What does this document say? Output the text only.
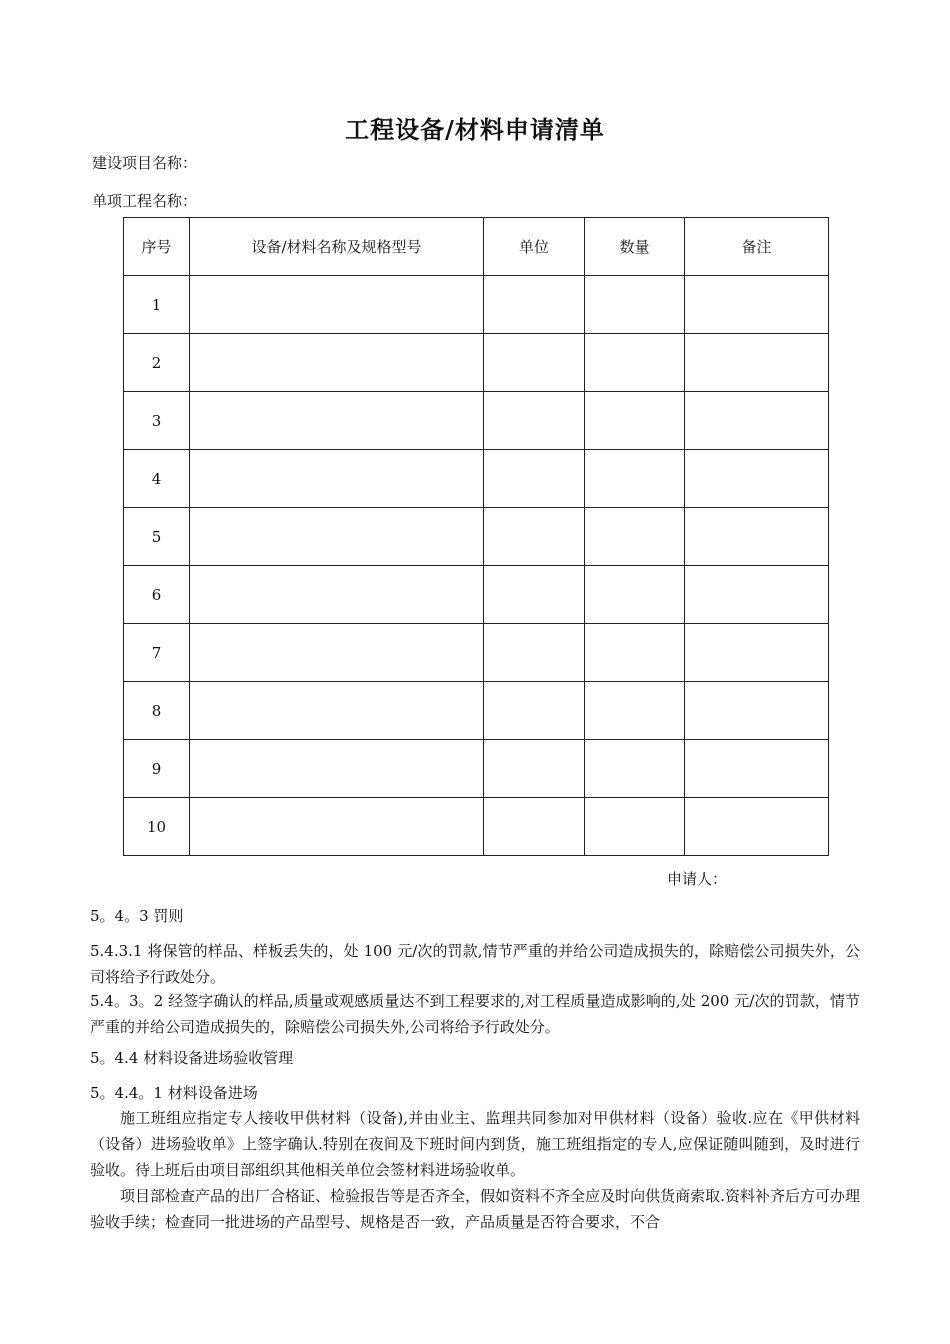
工程设备/材料申请清单
建设项目名称：
单项工程名称：
序号	设备/材料名称及规格型号	单位	数量	备注
1				
2				
3				
4				
5				
6				
7				
8				
9				
10				
申请人：
5。4。3 罚则
5.4.3.1 将保管的样品、样板丢失的，处 100 元/次的罚款,情节严重的并给公司造成损失的，除赔偿公司损失外，公司将给予行政处分。
5.4。3。2 经签字确认的样品,质量或观感质量达不到工程要求的,对工程质量造成影响的,处 200 元/次的罚款，情节严重的并给公司造成损失的，除赔偿公司损失外,公司将给予行政处分。
5。4.4 材料设备进场验收管理
5。4.4。1 材料设备进场
施工班组应指定专人接收甲供材料（设备),并由业主、监理共同参加对甲供材料（设备）验收.应在《甲供材料（设备）进场验收单》上签字确认.特别在夜间及下班时间内到货，施工班组指定的专人,应保证随叫随到，及时进行验收。待上班后由项目部组织其他相关单位会签材料进场验收单。
项目部检查产品的出厂合格证、检验报告等是否齐全，假如资料不齐全应及时向供货商索取.资料补齐后方可办理验收手续；检查同一批进场的产品型号、规格是否一致，产品质量是否符合要求，不合
